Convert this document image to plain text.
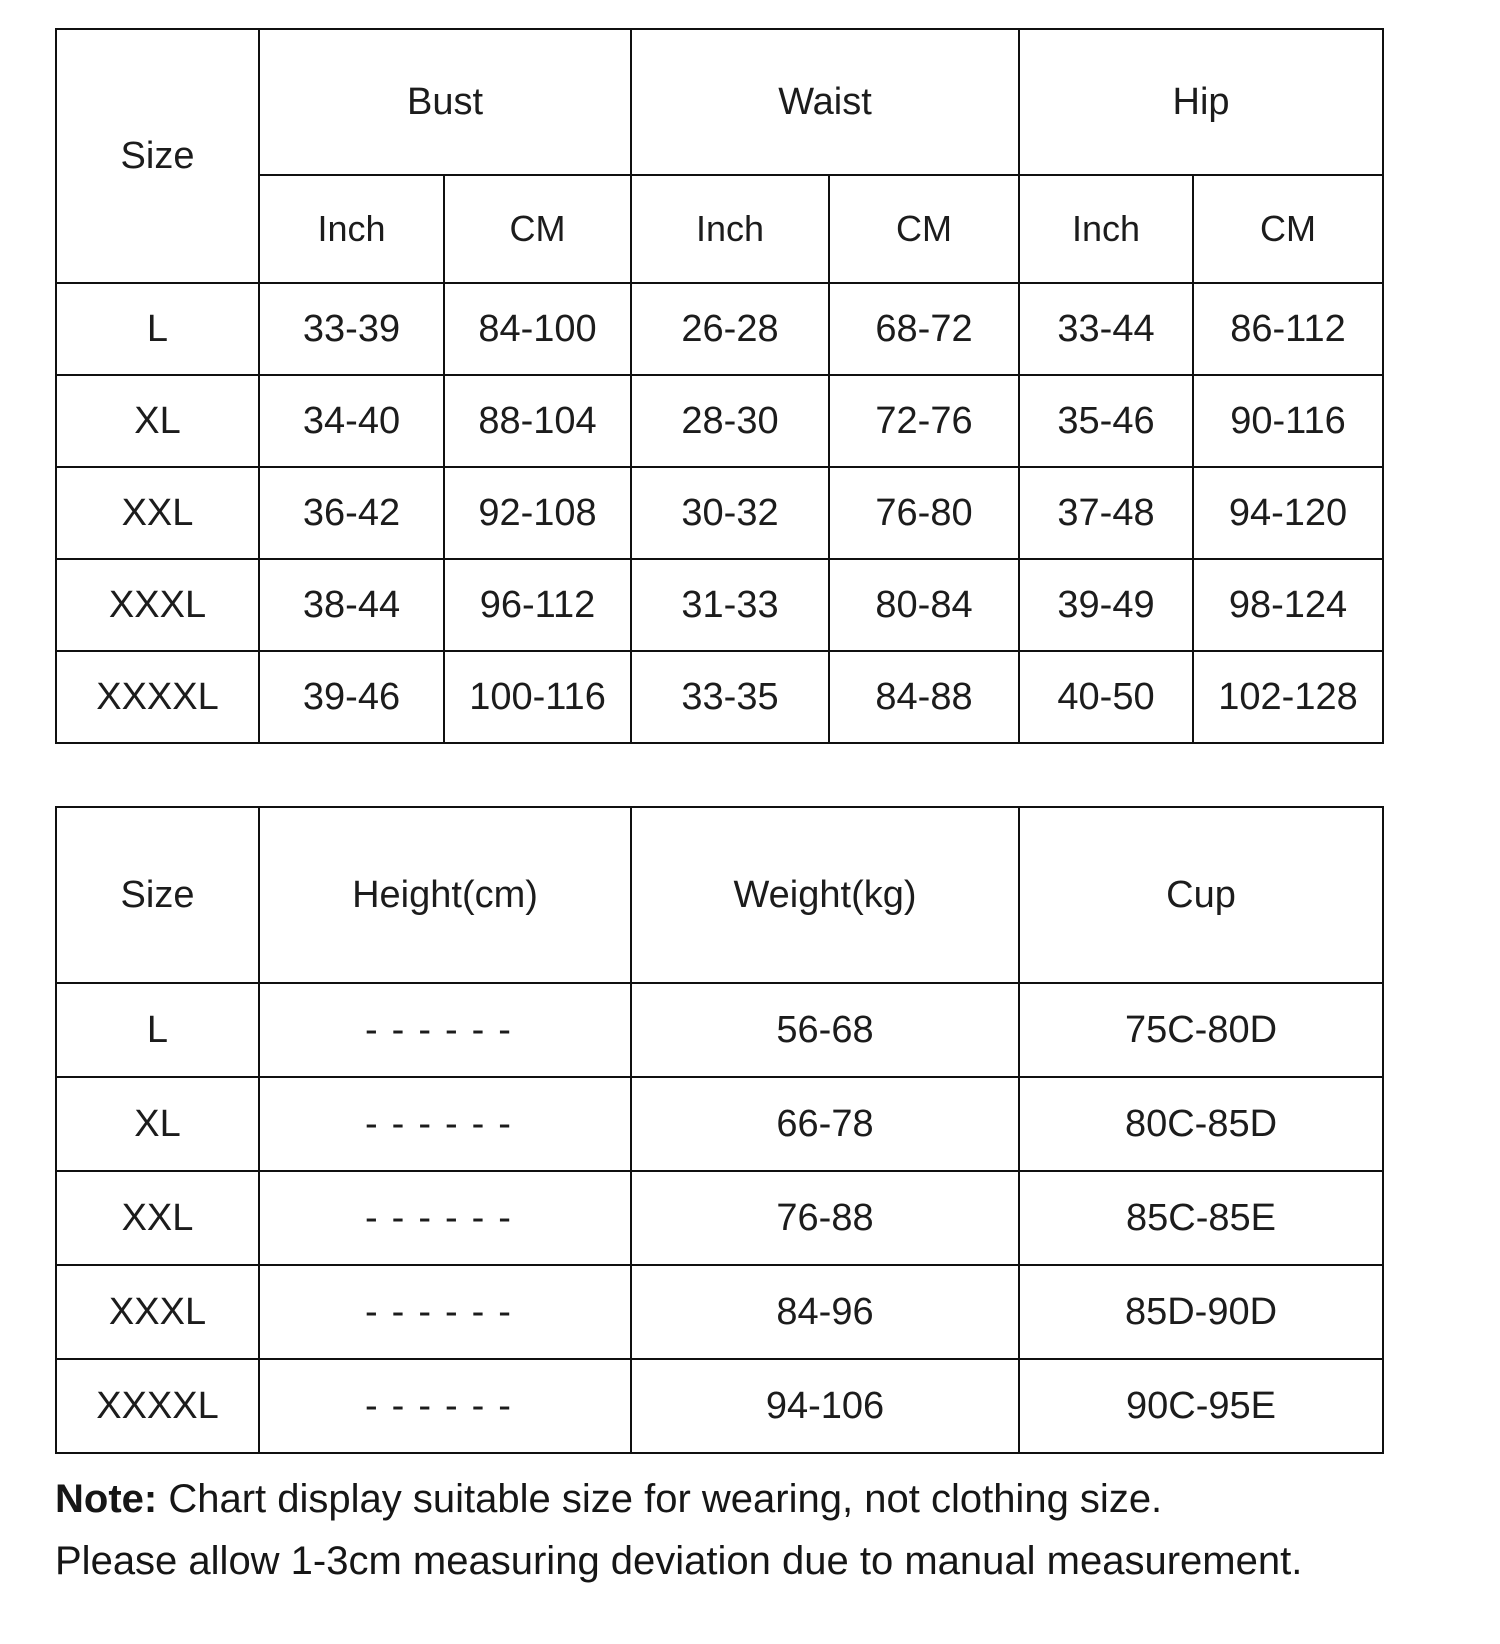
Size	Bust		Waist		Hip	
	Inch	CM	Inch	CM	Inch	CM
L	33-39	84-100	26-28	68-72	33-44	86-112
XL	34-40	88-104	28-30	72-76	35-46	90-116
XXL	36-42	92-108	30-32	76-80	37-48	94-120
XXXL	38-44	96-112	31-33	80-84	39-49	98-124
XXXXL	39-46	100-116	33-35	84-88	40-50	102-128
Size	Height(cm)	Weight(kg)	Cup
L	------	56-68	75C-80D
XL	------	66-78	80C-85D
XXL	------	76-88	85C-85E
XXXL	------	84-96	85D-90D
XXXXL	------	94-106	90C-95E
Note: Chart display suitable size for wearing, not clothing size.
Please allow 1-3cm measuring deviation due to manual measurement.
